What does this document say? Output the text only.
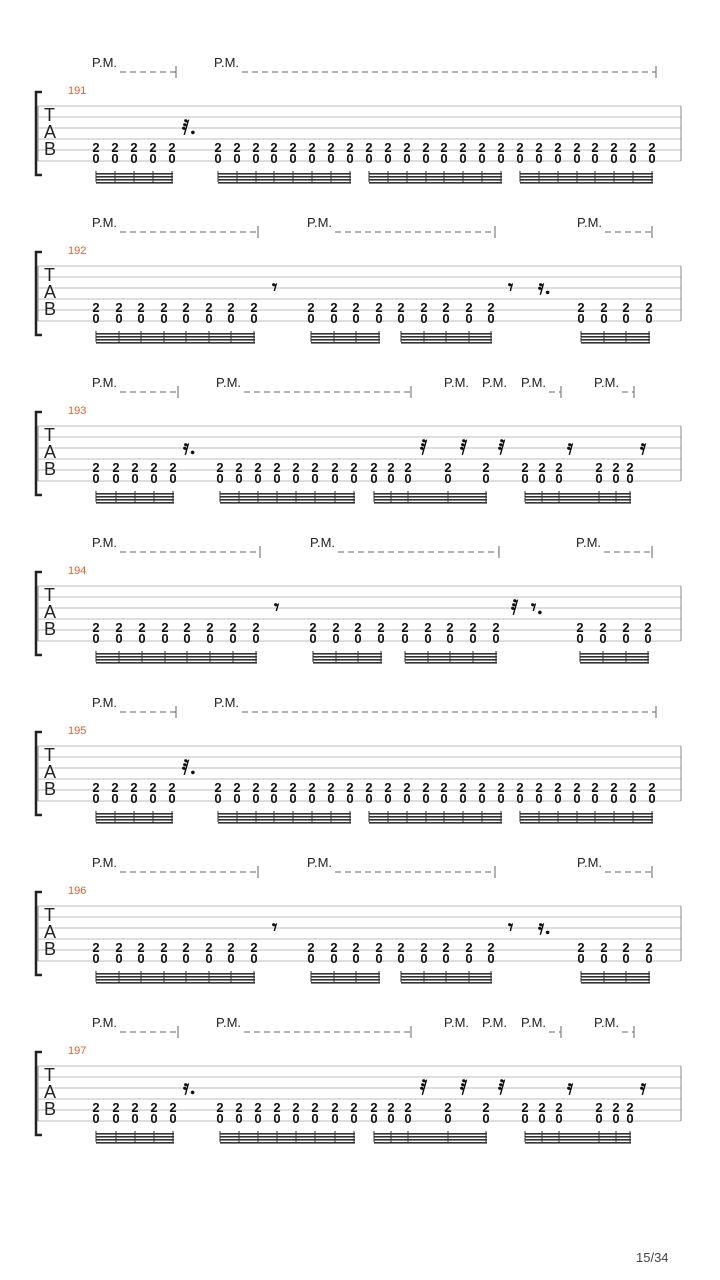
T
A
B
191
P.M.	P.M.
2
0
2
0
2
0
2
0
2
0
2
0
2
0
2
0
2
0
2
0
2
0
2
0
2
0
2
0
2
0
2
0
2
0
2
0
2
0
2
0
2
0
2
0
2
0
2
0
2
0
2
0
2
0
2
0
2
0
𝅀.
T
A
B
192
P.M.	P.M.	P.M.
2
0
2
0
2
0
2
0
2
0
2
0
2
0
2
0
2
0
2
0
2
0
2
0
2
0
2
0
2
0
2
0
2
0
2
0
2
0
2
0
2
0
𝄾	𝄾 𝄿.
T
A
B
193
P.M.	P.M.	P.M. P.M. P.M.	P.M.
2
0
2
0
2
0
2
0
2
0
2
0
2
0
2
0
2
0
2
0
2
0
2
0
2
0
2
0
2
0
2
0
2
0
2
0
2
0
2
0
2
0
2
0
2
0
2
0
𝄿.	𝅀 𝅀 𝅀	𝄿	𝄿
T
A
B
194
P.M.	P.M.	P.M.
2
0
2
0
2
0
2
0
2
0
2
0
2
0
2
0
2
0
2
0
2
0
2
0
2
0
2
0
2
0
2
0
2
0
2
0
2
0
2
0
2
0
𝄾	𝅀 𝄾.
T
A
B
195
P.M.	P.M.
2
0
2
0
2
0
2
0
2
0
2
0
2
0
2
0
2
0
2
0
2
0
2
0
2
0
2
0
2
0
2
0
2
0
2
0
2
0
2
0
2
0
2
0
2
0
2
0
2
0
2
0
2
0
2
0
2
0
𝅀.
T
A
B
196
P.M.	P.M.	P.M.
2
0
2
0
2
0
2
0
2
0
2
0
2
0
2
0
2
0
2
0
2
0
2
0
2
0
2
0
2
0
2
0
2
0
2
0
2
0
2
0
2
0
𝄾	𝄾 𝄿.
T
A
B
197
P.M.	P.M.	P.M. P.M. P.M.	P.M.
2
0
2
0
2
0
2
0
2
0
2
0
2
0
2
0
2
0
2
0
2
0
2
0
2
0
2
0
2
0
2
0
2
0
2
0
2
0
2
0
2
0
2
0
2
0
2
0
𝄿.	𝅀 𝅀 𝅀	𝄿	𝄿
15/34
